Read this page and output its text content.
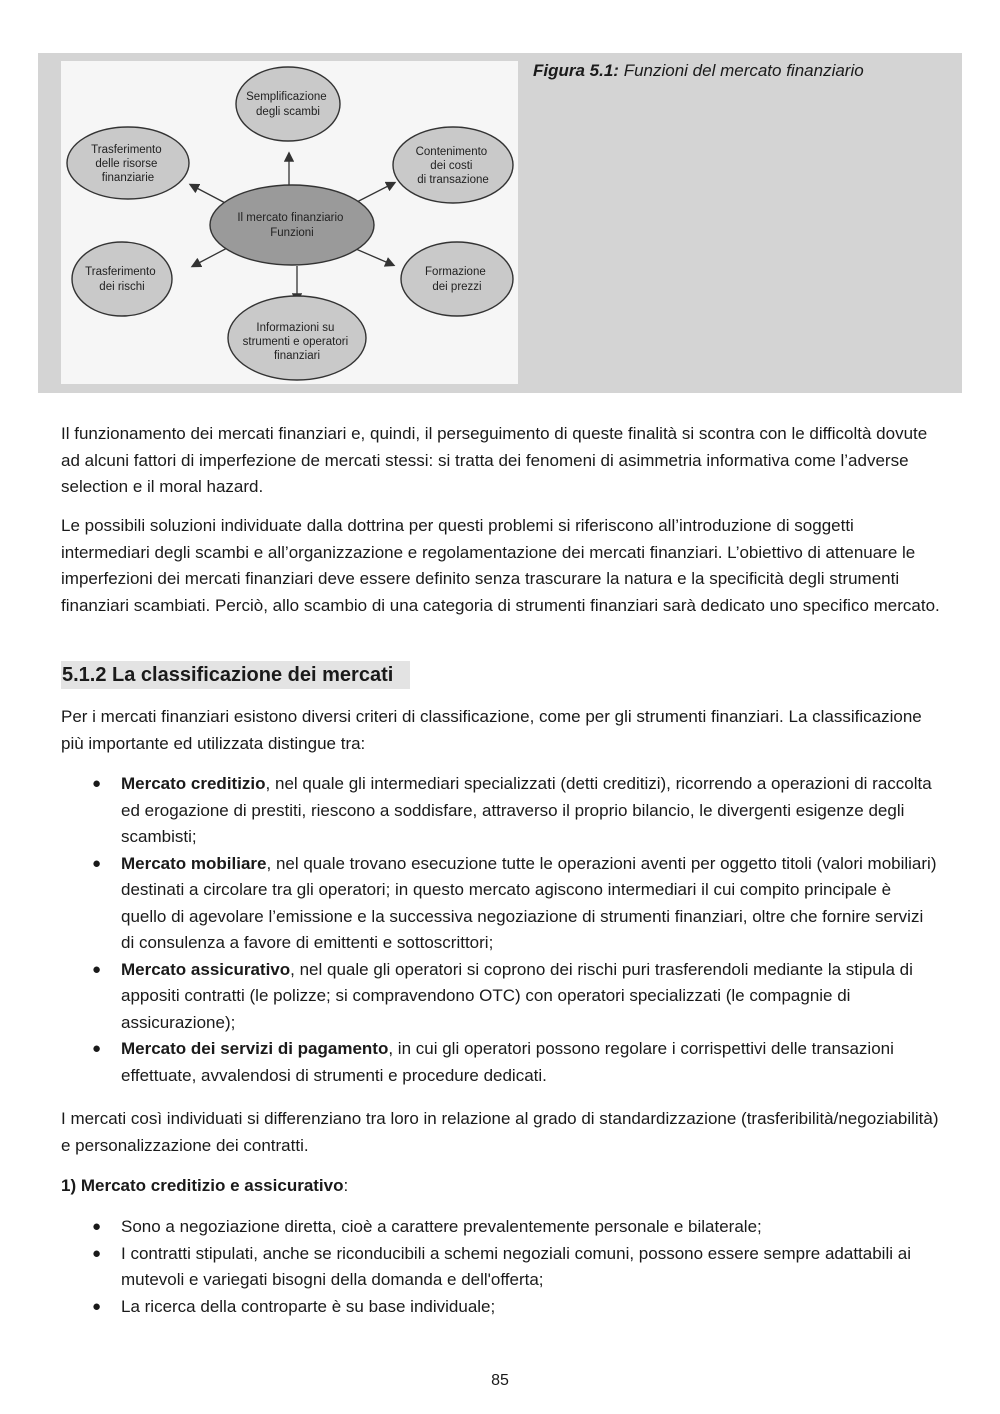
Semplificazione degli scambi
Trasferimento delle risorse finanziarie
Contenimento dei costi di transazione
Il mercato finanziario Funzioni
Trasferimento dei rischi
Formazione dei prezzi
Informazioni su strumenti e operatori finanziari
Figura 5.1: Funzioni del mercato finanziario

Il funzionamento dei mercati finanziari e, quindi, il perseguimento di queste finalità si scontra con le difficoltà dovute ad alcuni fattori di imperfezione de mercati stessi: si tratta dei fenomeni di asimmetria informativa come l’adverse selection e il moral hazard.

Le possibili soluzioni individuate dalla dottrina per questi problemi si riferiscono all’introduzione di soggetti intermediari degli scambi e all’organizzazione e regolamentazione dei mercati finanziari. L’obiettivo di attenuare le imperfezioni dei mercati finanziari deve essere definito senza trascurare la natura e la specificità degli strumenti finanziari scambiati. Perciò, allo scambio di una categoria di strumenti finanziari sarà dedicato uno specifico mercato.

5.1.2 La classificazione dei mercati

Per i mercati finanziari esistono diversi criteri di classificazione, come per gli strumenti finanziari. La classificazione più importante ed utilizzata distingue tra:

● Mercato creditizio, nel quale gli intermediari specializzati (detti creditizi), ricorrendo a operazioni di raccolta ed erogazione di prestiti, riescono a soddisfare, attraverso il proprio bilancio, le divergenti esigenze degli scambisti;
● Mercato mobiliare, nel quale trovano esecuzione tutte le operazioni aventi per oggetto titoli (valori mobiliari) destinati a circolare tra gli operatori; in questo mercato agiscono intermediari il cui compito principale è quello di agevolare l’emissione e la successiva negoziazione di strumenti finanziari, oltre che fornire servizi di consulenza a favore di emittenti e sottoscrittori;
● Mercato assicurativo, nel quale gli operatori si coprono dei rischi puri trasferendoli mediante la stipula di appositi contratti (le polizze; si compravendono OTC) con operatori specializzati (le compagnie di assicurazione);
● Mercato dei servizi di pagamento, in cui gli operatori possono regolare i corrispettivi delle transazioni effettuate, avvalendosi di strumenti e procedure dedicati.

I mercati così individuati si differenziano tra loro in relazione al grado di standardizzazione (trasferibilità/negoziabilità) e personalizzazione dei contratti.

1) Mercato creditizio e assicurativo:

● Sono a negoziazione diretta, cioè a carattere prevalentemente personale e bilaterale;
● I contratti stipulati, anche se riconducibili a schemi negoziali comuni, possono essere sempre adattabili ai mutevoli e variegati bisogni della domanda e dell'offerta;
● La ricerca della controparte è su base individuale;
85
